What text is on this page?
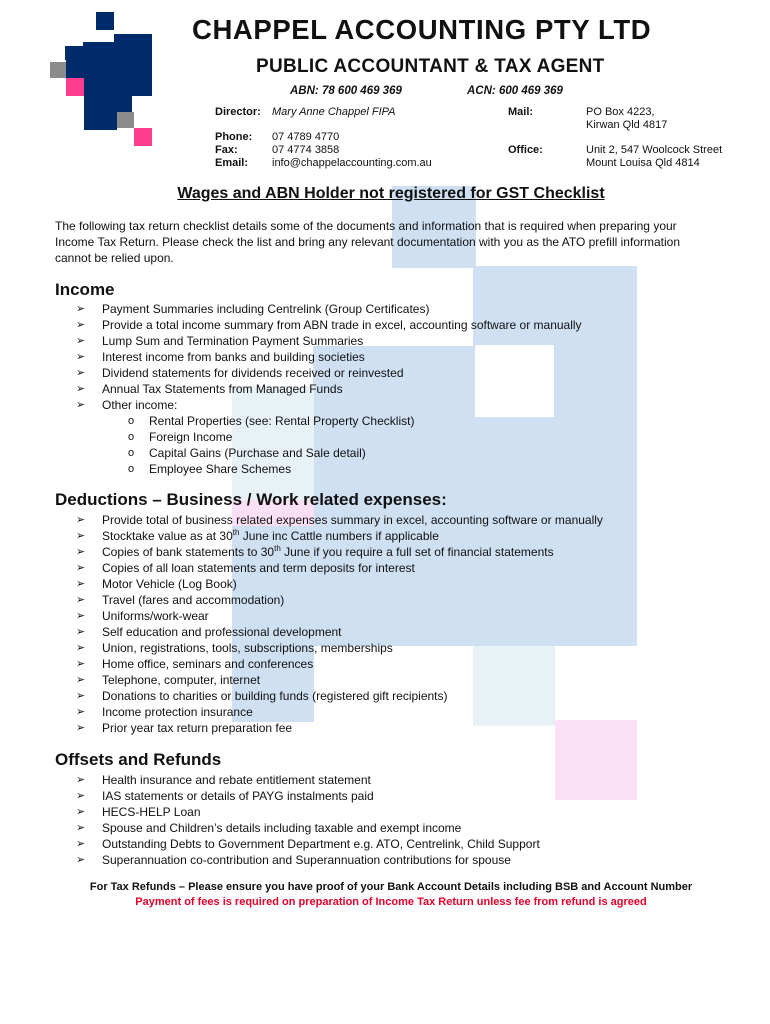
CHAPPEL ACCOUNTING PTY LTD
PUBLIC ACCOUNTANT & TAX AGENT
ABN: 78 600 469 369	ACN: 600 469 369
Director: Mary Anne Chappel FIPA
Phone: 07 4789 4770
Fax:	07 4774 3858
Email: info@chappelaccounting.com.au
Mail:	PO Box 4223,
Kirwan Qld 4817
Office:	Unit 2, 547 Woolcock Street
Mount Louisa Qld 4814
Wages and ABN Holder not registered for GST Checklist
The following tax return checklist details some of the documents and information that is required when preparing your Income Tax Return. Please check the list and bring any relevant documentation with you as the ATO prefill information cannot be relied upon.
Income
➢ Payment Summaries including Centrelink (Group Certificates)
➢ Provide a total income summary from ABN trade in excel, accounting software or manually
➢ Lump Sum and Termination Payment Summaries
➢ Interest income from banks and building societies
➢ Dividend statements for dividends received or reinvested
➢ Annual Tax Statements from Managed Funds
➢ Other income:
o Rental Properties (see: Rental Property Checklist)
o Foreign Income
o Capital Gains (Purchase and Sale detail)
o Employee Share Schemes
Deductions – Business / Work related expenses:
➢ Provide total of business related expenses summary in excel, accounting software or manually
➢ Stocktake value as at 30th June inc Cattle numbers if applicable
➢ Copies of bank statements to 30th June if you require a full set of financial statements
➢ Copies of all loan statements and term deposits for interest
➢ Motor Vehicle (Log Book)
➢ Travel (fares and accommodation)
➢ Uniforms/work-wear
➢ Self education and professional development
➢ Union, registrations, tools, subscriptions, memberships
➢ Home office, seminars and conferences
➢ Telephone, computer, internet
➢ Donations to charities or building funds (registered gift recipients)
➢ Income protection insurance
➢ Prior year tax return preparation fee
Offsets and Refunds
➢ Health insurance and rebate entitlement statement
➢ IAS statements or details of PAYG instalments paid
➢ HECS-HELP Loan
➢ Spouse and Children’s details including taxable and exempt income
➢ Outstanding Debts to Government Department e.g. ATO, Centrelink, Child Support
➢ Superannuation co-contribution and Superannuation contributions for spouse
For Tax Refunds – Please ensure you have proof of your Bank Account Details including BSB and Account Number
Payment of fees is required on preparation of Income Tax Return unless fee from refund is agreed
